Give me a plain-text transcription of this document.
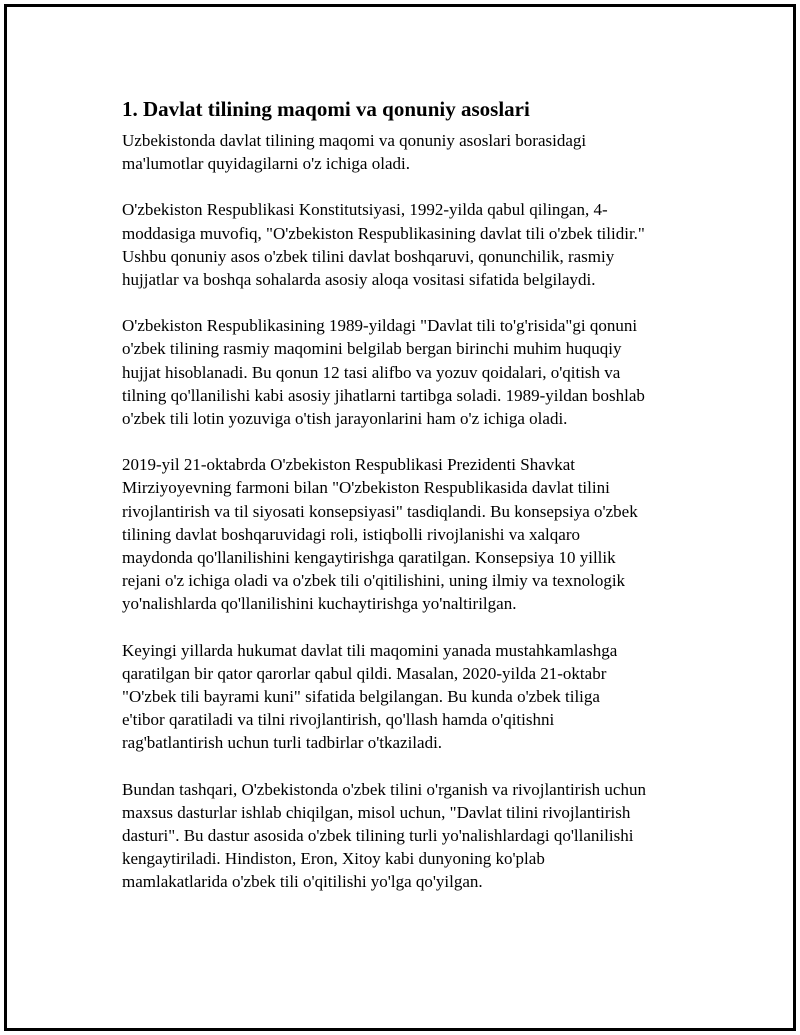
1. Davlat tilining maqomi va qonuniy asoslari

Uzbekistonda davlat tilining maqomi va qonuniy asoslari borasidagi
ma'lumotlar quyidagilarni o'z ichiga oladi.

O'zbekiston Respublikasi Konstitutsiyasi, 1992-yilda qabul qilingan, 4-
moddasiga muvofiq, "O'zbekiston Respublikasining davlat tili o'zbek tilidir."
Ushbu qonuniy asos o'zbek tilini davlat boshqaruvi, qonunchilik, rasmiy
hujjatlar va boshqa sohalarda asosiy aloqa vositasi sifatida belgilaydi.

O'zbekiston Respublikasining 1989-yildagi "Davlat tili to'g'risida"gi qonuni
o'zbek tilining rasmiy maqomini belgilab bergan birinchi muhim huquqiy
hujjat hisoblanadi. Bu qonun 12 tasi alifbo va yozuv qoidalari, o'qitish va
tilning qo'llanilishi kabi asosiy jihatlarni tartibga soladi. 1989-yildan boshlab
o'zbek tili lotin yozuviga o'tish jarayonlarini ham o'z ichiga oladi.

2019-yil 21-oktabrda O'zbekiston Respublikasi Prezidenti Shavkat
Mirziyoyevning farmoni bilan "O'zbekiston Respublikasida davlat tilini
rivojlantirish va til siyosati konsepsiyasi" tasdiqlandi. Bu konsepsiya o'zbek
tilining davlat boshqaruvidagi roli, istiqbolli rivojlanishi va xalqaro
maydonda qo'llanilishini kengaytirishga qaratilgan. Konsepsiya 10 yillik
rejani o'z ichiga oladi va o'zbek tili o'qitilishini, uning ilmiy va texnologik
yo'nalishlarda qo'llanilishini kuchaytirishga yo'naltirilgan.

Keyingi yillarda hukumat davlat tili maqomini yanada mustahkamlashga
qaratilgan bir qator qarorlar qabul qildi. Masalan, 2020-yilda 21-oktabr
"O'zbek tili bayrami kuni" sifatida belgilangan. Bu kunda o'zbek tiliga
e'tibor qaratiladi va tilni rivojlantirish, qo'llash hamda o'qitishni
rag'batlantirish uchun turli tadbirlar o'tkaziladi.

Bundan tashqari, O'zbekistonda o'zbek tilini o'rganish va rivojlantirish uchun
maxsus dasturlar ishlab chiqilgan, misol uchun, "Davlat tilini rivojlantirish
dasturi". Bu dastur asosida o'zbek tilining turli yo'nalishlardagi qo'llanilishi
kengaytiriladi. Hindiston, Eron, Xitoy kabi dunyoning ko'plab
mamlakatlarida o'zbek tili o'qitilishi yo'lga qo'yilgan.
